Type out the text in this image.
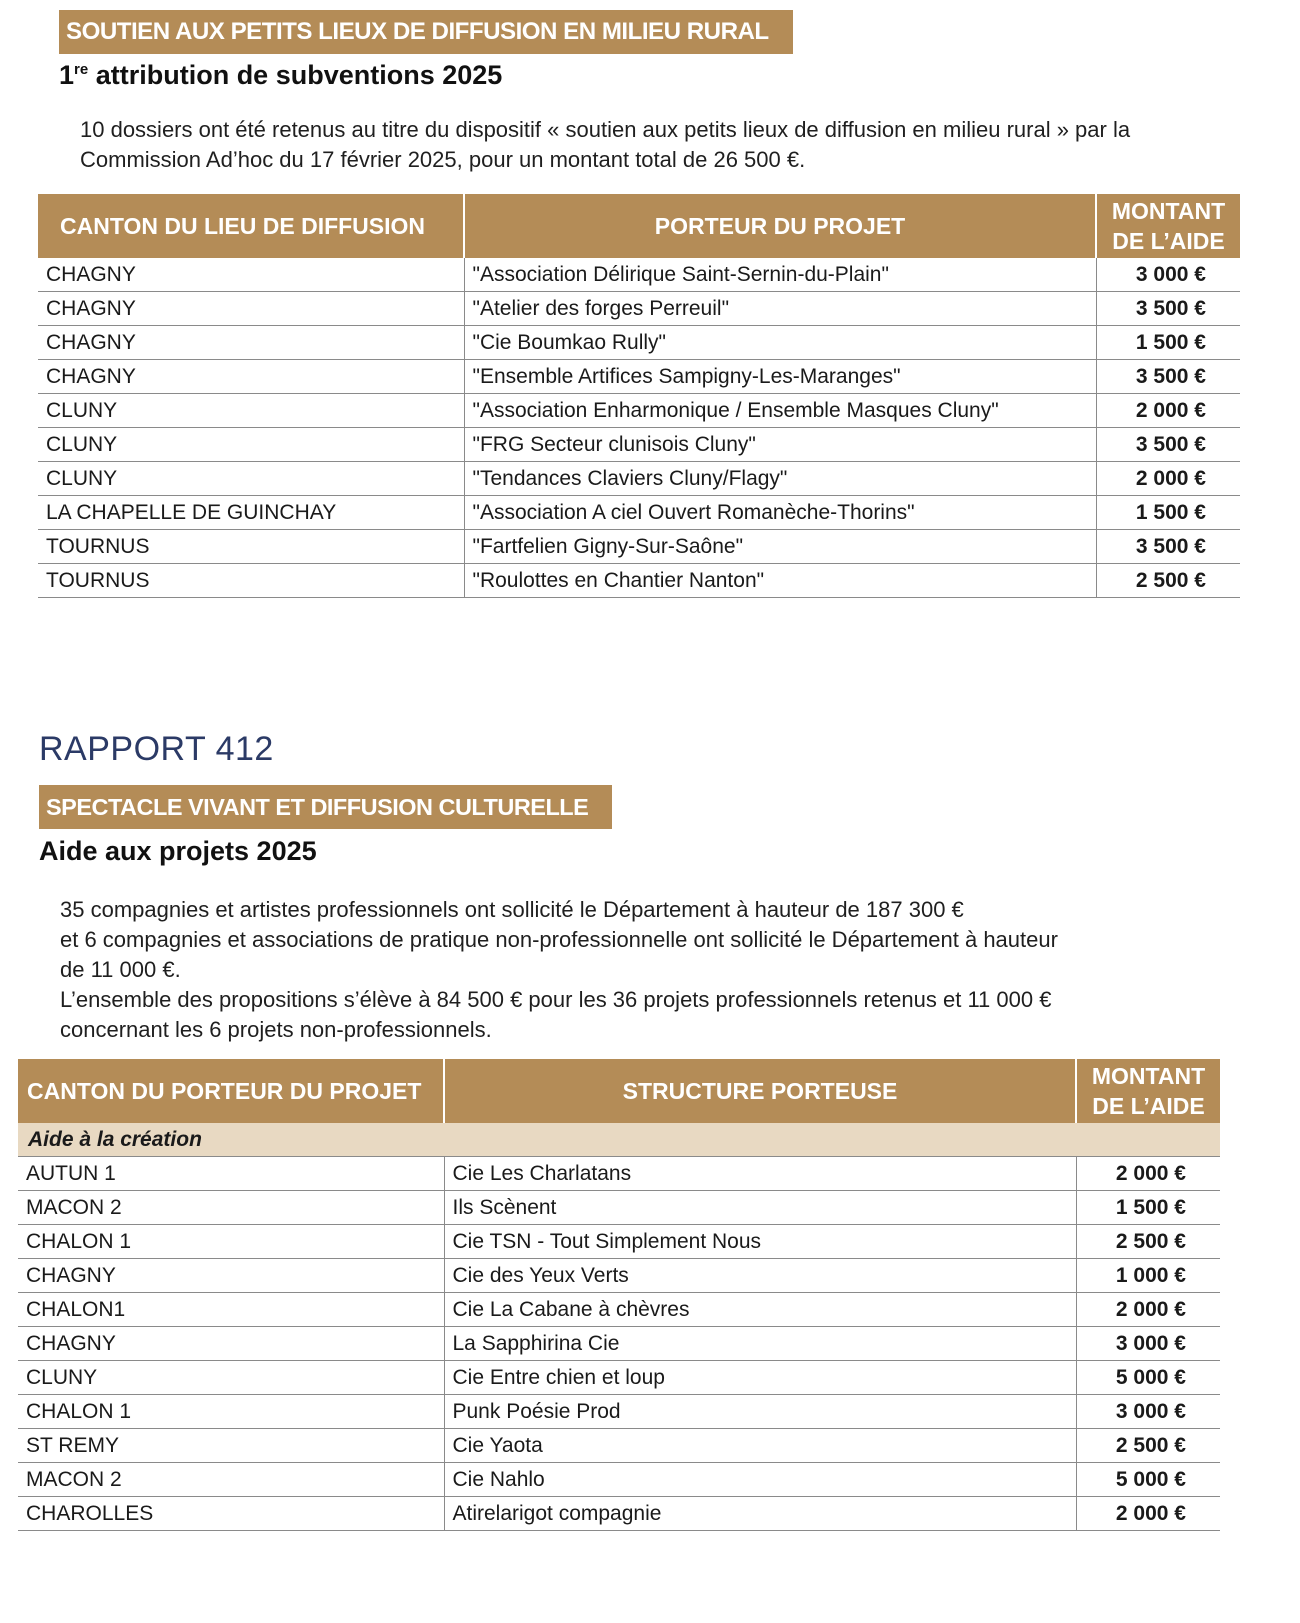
SOUTIEN AUX PETITS LIEUX DE DIFFUSION EN MILIEU RURAL
1re attribution de subventions 2025

10 dossiers ont été retenus au titre du dispositif « soutien aux petits lieux de diffusion en milieu rural » par la

Commission Ad’hoc du 17 février 2025, pour un montant total de 26 500 €.

CANTON DU LIEU DE DIFFUSION	PORTEUR DU PROJET	MONTANT
DE L’AIDE
CHAGNY	"Association Délirique Saint-Sernin-du-Plain"	3 000 €
CHAGNY	"Atelier des forges Perreuil"	3 500 €
CHAGNY	"Cie Boumkao Rully"	1 500 €
CHAGNY	"Ensemble Artifices Sampigny-Les-Maranges"	3 500 €
CLUNY	"Association Enharmonique / Ensemble Masques Cluny"	2 000 €
CLUNY	"FRG Secteur clunisois Cluny"	3 500 €
CLUNY	"Tendances Claviers Cluny/Flagy"	2 000 €
LA CHAPELLE DE GUINCHAY	"Association A ciel Ouvert Romanèche-Thorins"	1 500 €
TOURNUS	"Fartfelien Gigny-Sur-Saône"	3 500 €
TOURNUS	"Roulottes en Chantier Nanton"	2 500 €
RAPPORT 412
SPECTACLE VIVANT ET DIFFUSION CULTURELLE
Aide aux projets 2025

35 compagnies et artistes professionnels ont sollicité le Département à hauteur de 187 300 €

et 6 compagnies et associations de pratique non-professionnelle ont sollicité le Département à hauteur

de 11 000 €.

L’ensemble des propositions s’élève à 84 500 € pour les 36 projets professionnels retenus et 11 000 €

concernant les 6 projets non-professionnels.

CANTON DU PORTEUR DU PROJET	STRUCTURE PORTEUSE	MONTANT
DE L’AIDE
Aide à la création		
AUTUN 1	Cie Les Charlatans	2 000 €
MACON 2	Ils Scènent	1 500 €
CHALON 1	Cie TSN - Tout Simplement Nous	2 500 €
CHAGNY	Cie des Yeux Verts	1 000 €
CHALON1	Cie La Cabane à chèvres	2 000 €
CHAGNY	La Sapphirina Cie	3 000 €
CLUNY	Cie Entre chien et loup	5 000 €
CHALON 1	Punk Poésie Prod	3 000 €
ST REMY	Cie Yaota	2 500 €
MACON 2	Cie Nahlo	5 000 €
CHAROLLES	Atirelarigot compagnie	2 000 €
